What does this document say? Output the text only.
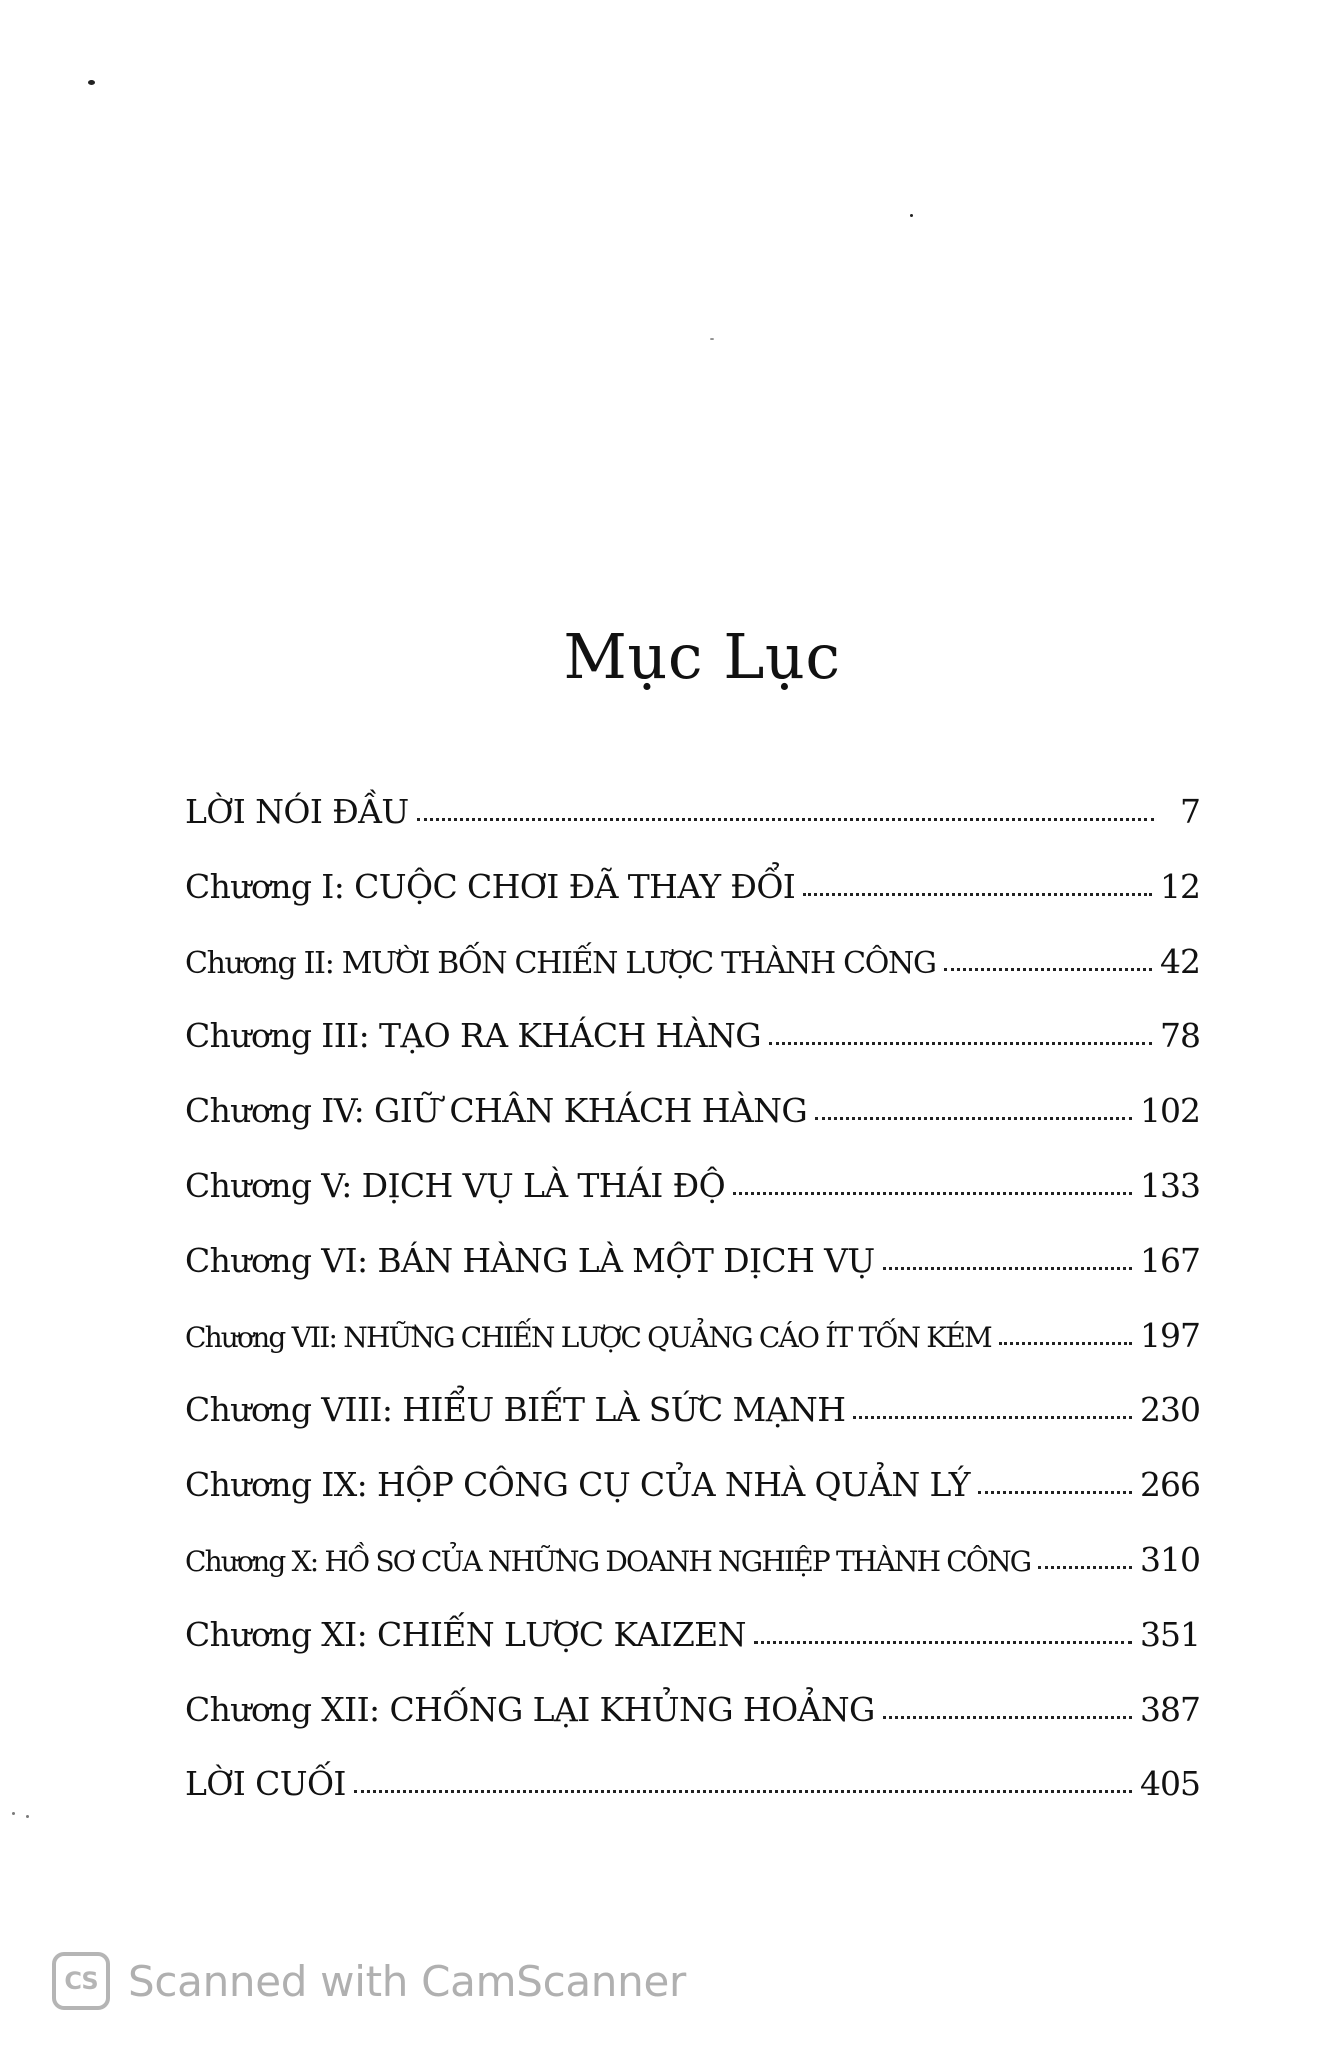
Mục Lục
LỜI NÓI ĐẦU	7
Chương I: CUỘC CHƠI ĐÃ THAY ĐỔI	12
Chương II: MƯỜI BỐN CHIẾN LƯỢC THÀNH CÔNG	42
Chương III: TẠO RA KHÁCH HÀNG	78
Chương IV: GIỮ CHÂN KHÁCH HÀNG	102
Chương V: DỊCH VỤ LÀ THÁI ĐỘ	133
Chương VI: BÁN HÀNG LÀ MỘT DỊCH VỤ	167
Chương VII: NHỮNG CHIẾN LƯỢC QUẢNG CÁO ÍT TỐN KÉM	197
Chương VIII: HIỂU BIẾT LÀ SỨC MẠNH	230
Chương IX: HỘP CÔNG CỤ CỦA NHÀ QUẢN LÝ	266
Chương X: HỒ SƠ CỦA NHỮNG DOANH NGHIỆP THÀNH CÔNG	310
Chương XI: CHIẾN LƯỢC KAIZEN	351
Chương XII: CHỐNG LẠI KHỦNG HOẢNG	387
LỜI CUỐI	405
CS Scanned with CamScanner
